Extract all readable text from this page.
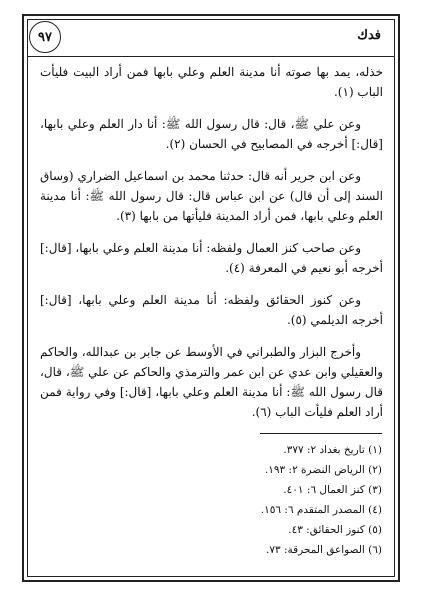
٩٧	فدك

خذله، يمد بها صوته أنا مدينة العلم وعلي بابها فمن أراد البيت فليأت الباب (١).

وعن علي ﷺ، قال: قال رسول الله ﷺ: أنا دار العلم وعلي بابها، [قال:] أخرجه في المصابيح في الحسان (٢).

وعن ابن جرير أنه قال: حدثنا محمد بن اسماعيل الضراري (وساق السند إلى أن قال) عن ابن عباس قال: قال رسول الله ﷺ: أنا مدينة العلم وعلي بابها، فمن أراد المدينة فليأتها من بابها (٣).

وعن صاحب كنز العمال ولفظه: أنا مدينة العلم وعلي بابها، [قال:] أخرجه أبو نعيم في المعرفة (٤).

وعن كنوز الحقائق ولفظه: أنا مدينة العلم وعلي بابها، [قال:] أخرجه الديلمي (٥).

وأخرج البزار والطبراني في الأوسط عن جابر بن عبدالله، والحاكم والعقيلي وابن عدي عن ابن عمر والترمذي والحاكم عن علي ﷺ، قال، قال رسول الله ﷺ: أنا مدينة العلم وعلي بابها، [قال:] وفي رواية فمن أراد العلم فليأت الباب (٦).

(١) تاريخ بغداد ٢: ٣٧٧.

(٢) الرياض النضرة ٢: ١٩٣.

(٣) كنز العمال ٦: ٤٠١.

(٤) المصدر المتقدم ٦: ١٥٦.

(٥) كنوز الحقائق: ٤٣.

(٦) الصواعق المحرقة: ٧٣.
